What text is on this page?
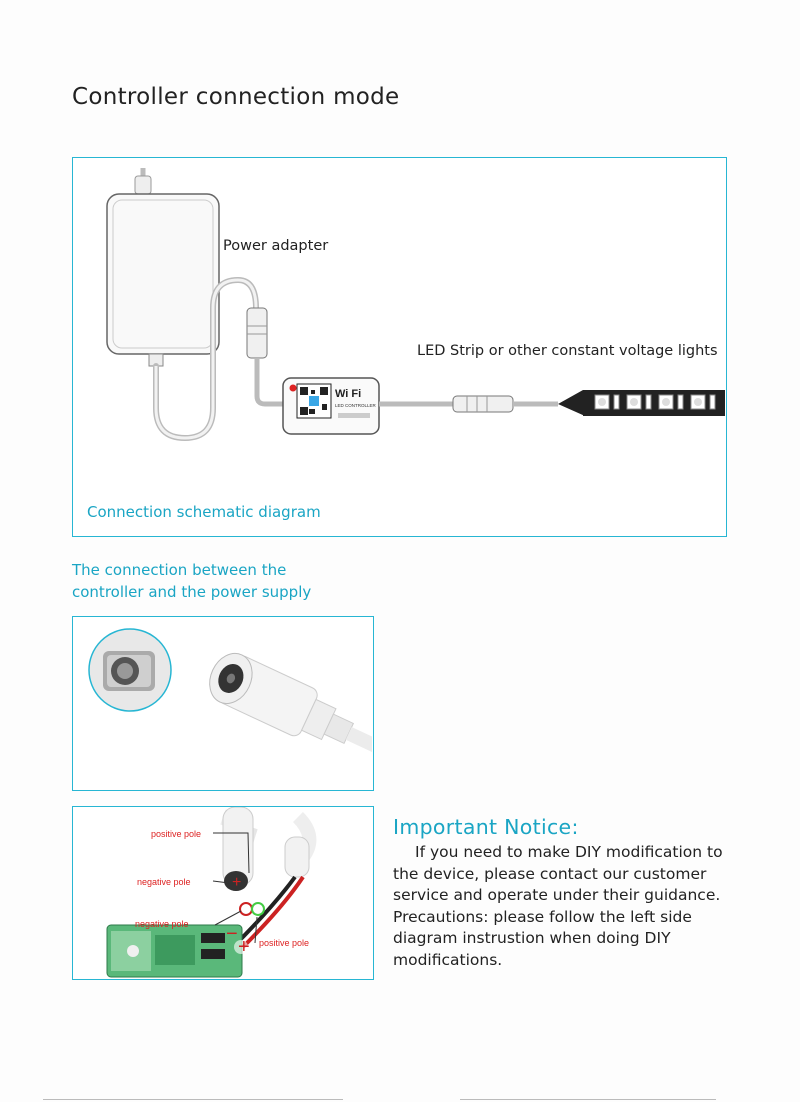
Controller connection mode
Wi Fi
LED CONTROLLER
Power adapter
LED Strip or other constant voltage lights
Connection schematic diagram
The connection between the
controller and the power supply
−
+
+
positive pole
negative pole
negative pole
positive pole
Important Notice:

If you need to make DIY modification to the device, please contact our customer service and operate under their guidance.

Precautions: please follow the left side diagram instrustion when doing DIY modifications.
